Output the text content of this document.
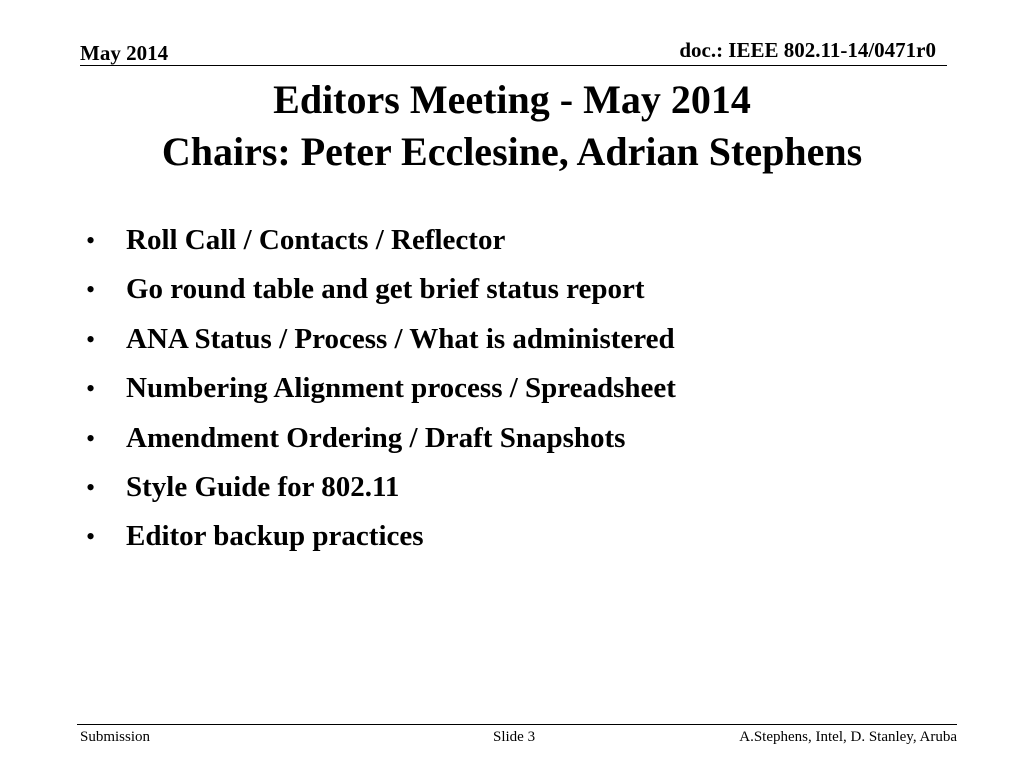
May 2014	doc.: IEEE 802.11-14/0471r0
Editors Meeting - May 2014
Chairs: Peter Ecclesine, Adrian Stephens
• Roll Call / Contacts / Reflector
• Go round table and get brief status report
• ANA Status / Process / What is administered
• Numbering Alignment process / Spreadsheet
• Amendment Ordering / Draft Snapshots
• Style Guide for 802.11
• Editor backup practices
Submission	Slide 3	A.Stephens, Intel, D. Stanley, Aruba
